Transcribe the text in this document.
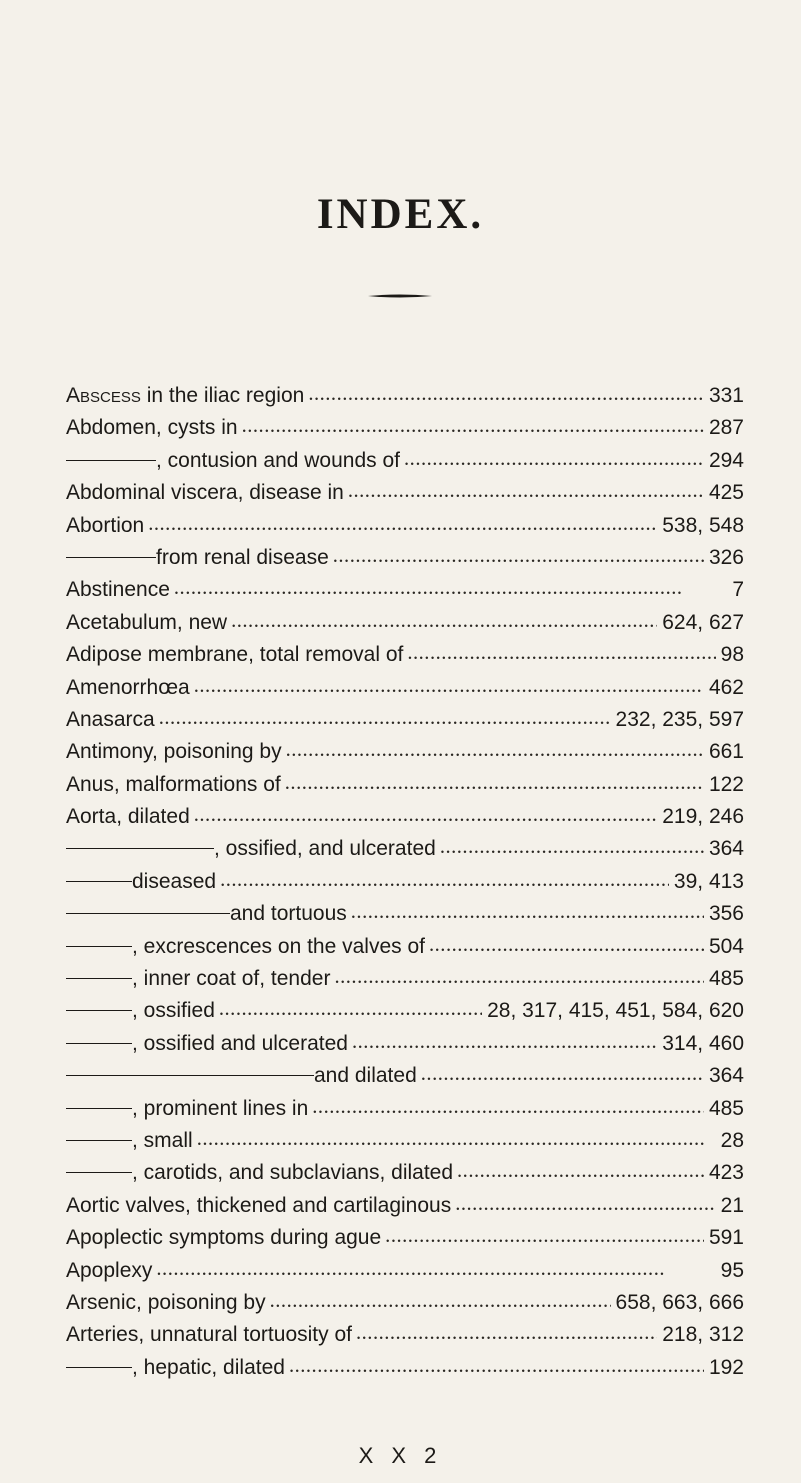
INDEX.
Abscess in the iliac region • • •	331
Abdomen, cysts in • • •	287
, contusion and wounds of • • •	294
Abdominal viscera, disease in • • •	425
Abortion • • •	538, 548
from renal disease • • •	326
Abstinence • • •	7
Acetabulum, new • • •	624, 627
Adipose membrane, total removal of • • •	98
Amenorrhœa • • •	462
Anasarca • • •	232, 235, 597
Antimony, poisoning by • • •	661
Anus, malformations of • • •	122
Aorta, dilated • • •	219, 246
, ossified, and ulcerated • • •	364
diseased • • •	39, 413
and tortuous • • •	356
, excrescences on the valves of • • •	504
, inner coat of, tender • • •	485
, ossified • • •	28, 317, 415, 451, 584, 620
, ossified and ulcerated • • •	314, 460
and dilated • • •	364
, prominent lines in • • •	485
, small • • •	28
, carotids, and subclavians, dilated • • •	423
Aortic valves, thickened and cartilaginous • • •	21
Apoplectic symptoms during ague • • •	591
Apoplexy • • •	95
Arsenic, poisoning by • • •	658, 663, 666
Arteries, unnatural tortuosity of • • •	218, 312
, hepatic, dilated • • •	192
X X 2
